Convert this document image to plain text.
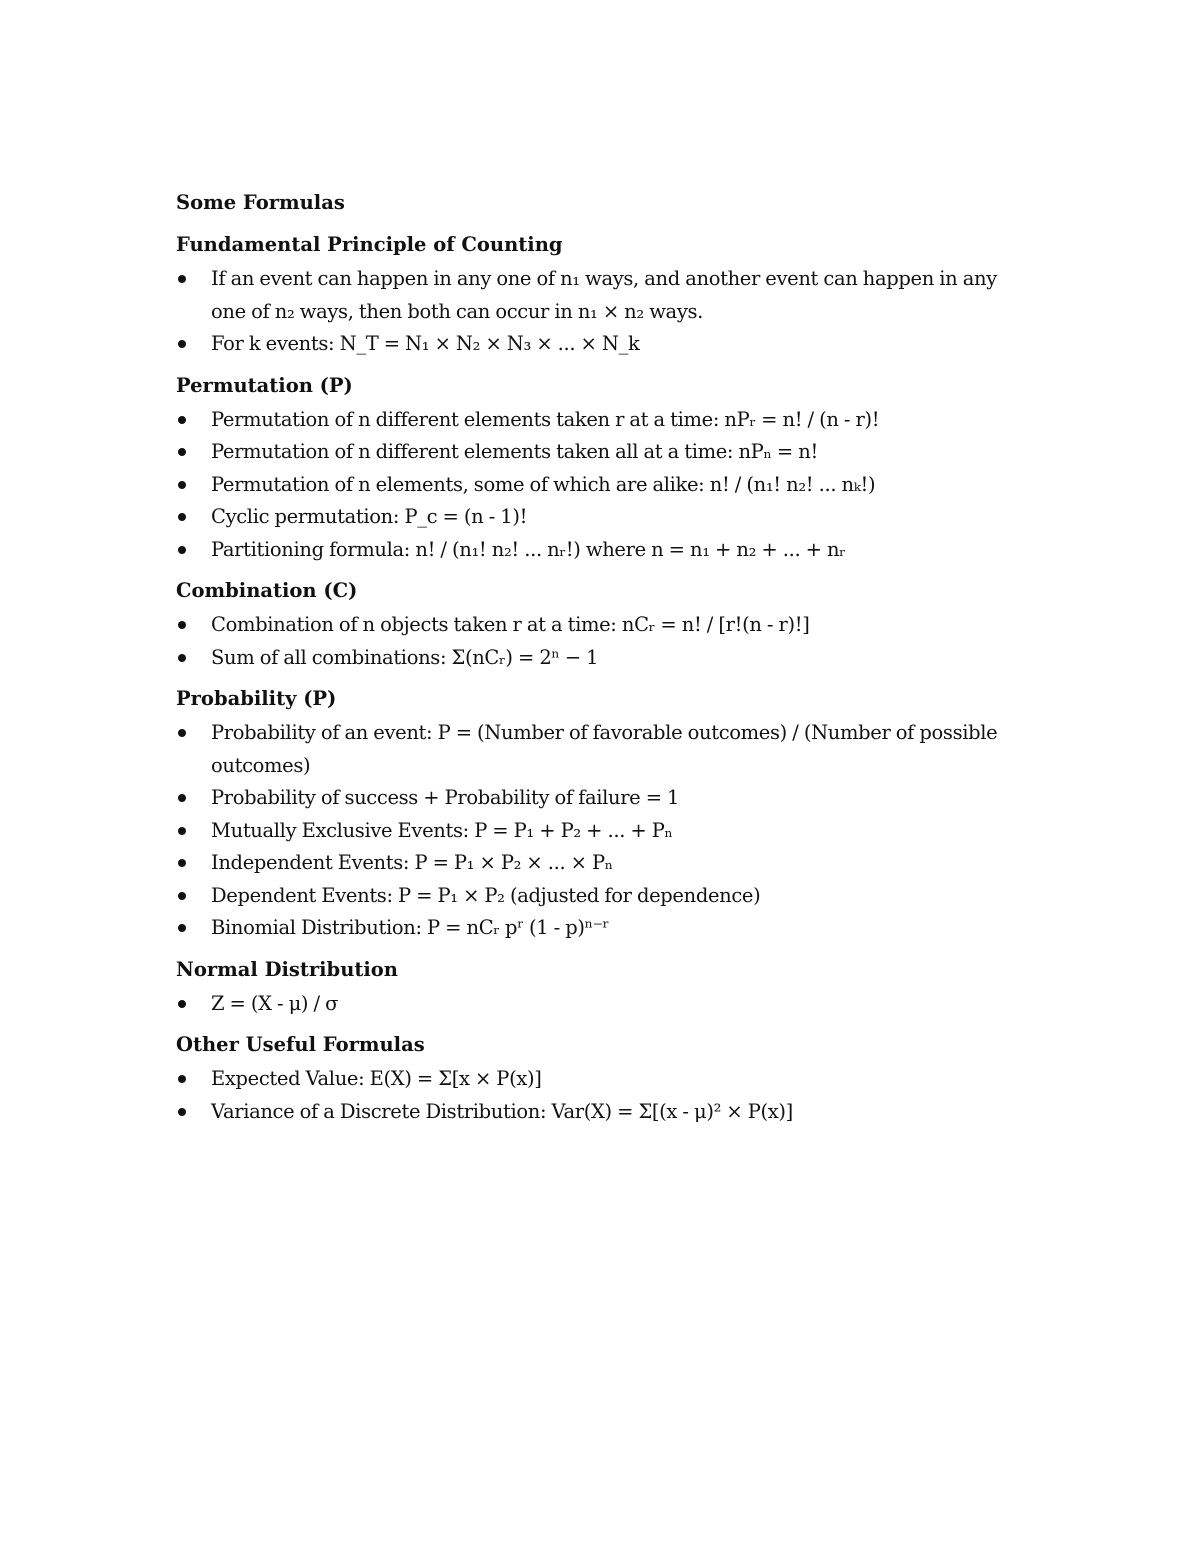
Some Formulas
Fundamental Principle of Counting
If an event can happen in any one of n₁ ways, and another event can happen in any one of n₂ ways, then both can occur in n₁ × n₂ ways.
For k events: N_T = N₁ × N₂ × N₃ × ... × N_k
Permutation (P)
Permutation of n different elements taken r at a time: nPᵣ = n! / (n - r)!
Permutation of n different elements taken all at a time: nPₙ = n!
Permutation of n elements, some of which are alike: n! / (n₁! n₂! ... nₖ!)
Cyclic permutation: P_c = (n - 1)!
Partitioning formula: n! / (n₁! n₂! ... nᵣ!) where n = n₁ + n₂ + ... + nᵣ
Combination (C)
Combination of n objects taken r at a time: nCᵣ = n! / [r!(n - r)!]
Sum of all combinations: Σ(nCᵣ) = 2ⁿ − 1
Probability (P)
Probability of an event: P = (Number of favorable outcomes) / (Number of possible outcomes)
Probability of success + Probability of failure = 1
Mutually Exclusive Events: P = P₁ + P₂ + ... + Pₙ
Independent Events: P = P₁ × P₂ × ... × Pₙ
Dependent Events: P = P₁ × P₂ (adjusted for dependence)
Binomial Distribution: P = nCᵣ pʳ (1 - p)ⁿ⁻ʳ
Normal Distribution
Z = (X - μ) / σ
Other Useful Formulas
Expected Value: E(X) = Σ[x × P(x)]
Variance of a Discrete Distribution: Var(X) = Σ[(x - μ)² × P(x)]
